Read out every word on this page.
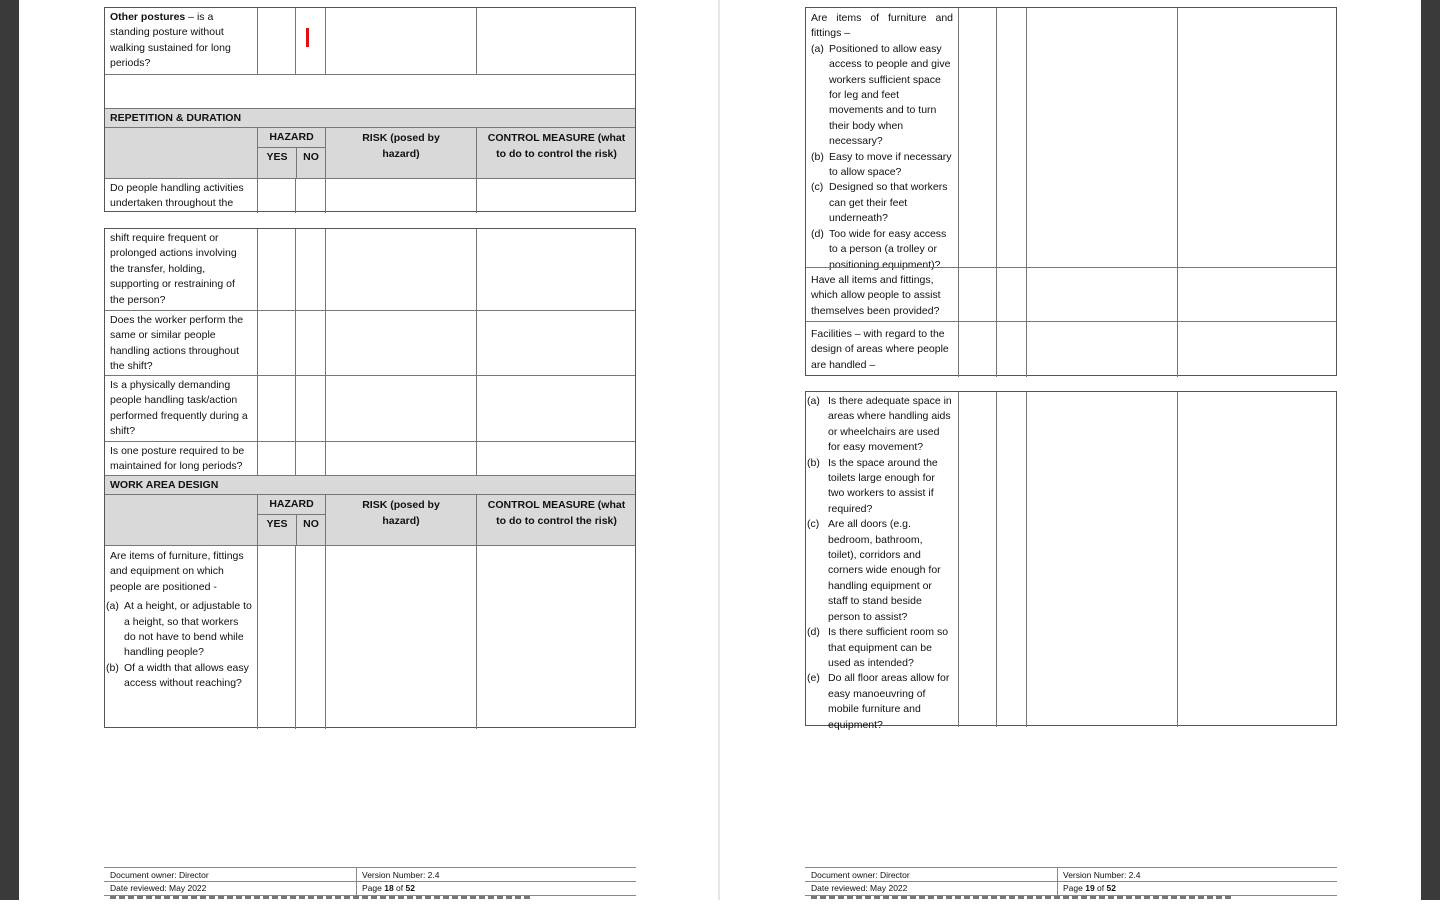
Other postures – is a standing posture without walking sustained for long periods?
REPETITION & DURATION
HAZARD
YES	NO
RISK (posed by hazard)
CONTROL MEASURE (what to do to control the risk)
Do people handling activities undertaken throughout the
shift require frequent or prolonged actions involving the transfer, holding, supporting or restraining of the person?
Does the worker perform the same or similar people handling actions throughout the shift?
Is a physically demanding people handling task/action performed frequently during a shift?
Is one posture required to be maintained for long periods?
WORK AREA DESIGN
HAZARD
YES	NO
RISK (posed by hazard)
CONTROL MEASURE (what to do to control the risk)
Are items of furniture, fittings and equipment on which people are positioned -
(a) At a height, or adjustable to a height, so that workers do not have to bend while handling people?
(b) Of a width that allows easy access without reaching?
Document owner: Director
Date reviewed: May 2022
Version Number: 2.4
Page 18 of 52
Are items of furniture and fittings –
(a) Positioned to allow easy access to people and give workers sufficient space for leg and feet movements and to turn their body when necessary?
(b) Easy to move if necessary to allow space?
(c) Designed so that workers can get their feet underneath?
(d) Too wide for easy access to a person (a trolley or positioning equipment)?
Have all items and fittings, which allow people to assist themselves been provided?
Facilities – with regard to the design of areas where people are handled –
(a) Is there adequate space in areas where handling aids or wheelchairs are used for easy movement?
(b) Is the space around the toilets large enough for two workers to assist if required?
(c) Are all doors (e.g. bedroom, bathroom, toilet), corridors and corners wide enough for handling equipment or staff to stand beside person to assist?
(d) Is there sufficient room so that equipment can be used as intended?
(e) Do all floor areas allow for easy manoeuvring of mobile furniture and equipment?
Document owner: Director
Date reviewed: May 2022
Version Number: 2.4
Page 19 of 52
